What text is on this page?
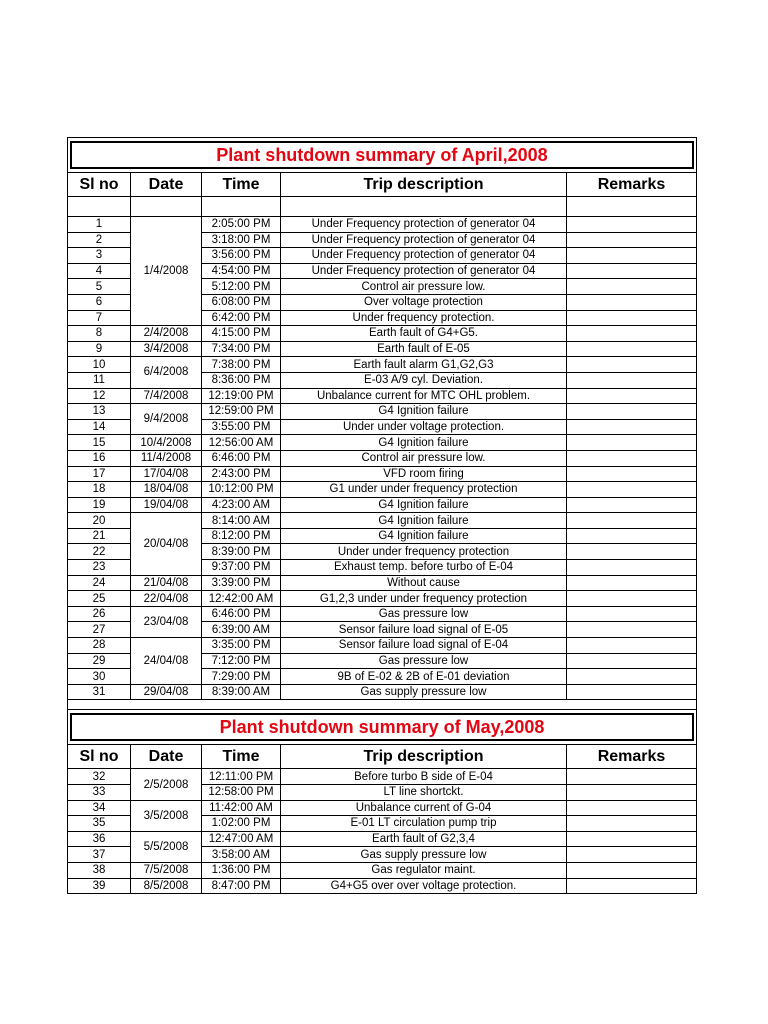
Plant shutdown summary of April,2008				

Sl no	Date	Time	Trip description	Remarks

1	1/4/2008	2:05:00 PM	Under Frequency protection of generator 04	
2		3:18:00 PM	Under Frequency protection of generator 04	
3		3:56:00 PM	Under Frequency protection of generator 04	
4		4:54:00 PM	Under Frequency protection of generator 04	
5		5:12:00 PM	Control air pressure low.	
6		6:08:00 PM	Over voltage protection	
7		6:42:00 PM	Under frequency protection.	
8	2/4/2008	4:15:00 PM	Earth fault of G4+G5.	
9	3/4/2008	7:34:00 PM	Earth fault of E-05	
10	6/4/2008	7:38:00 PM	Earth fault alarm G1,G2,G3	
11		8:36:00 PM	E-03 A/9 cyl. Deviation.	
12	7/4/2008	12:19:00 PM	Unbalance current for MTC OHL problem.	
13	9/4/2008	12:59:00 PM	G4 Ignition failure	
14		3:55:00 PM	Under under voltage protection.	
15	10/4/2008	12:56:00 AM	G4 Ignition failure	
16	11/4/2008	6:46:00 PM	Control air pressure low.	
17	17/04/08	2:43:00 PM	VFD room firing	
18	18/04/08	10:12:00 PM	G1 under under frequency protection	
19	19/04/08	4:23:00 AM	G4 Ignition failure	
20	20/04/08	8:14:00 AM	G4 Ignition failure	
21		8:12:00 PM	G4 Ignition failure	
22		8:39:00 PM	Under under frequency protection	
23		9:37:00 PM	Exhaust temp. before turbo of E-04	
24	21/04/08	3:39:00 PM	Without cause	
25	22/04/08	12:42:00 AM	G1,2,3 under under frequency protection	
26	23/04/08	6:46:00 PM	Gas pressure low	
27		6:39:00 AM	Sensor failure load signal of E-05	
28	24/04/08	3:35:00 PM	Sensor failure load signal of E-04	
29		7:12:00 PM	Gas pressure low	
30		7:29:00 PM	9B of E-02 & 2B of E-01 deviation	
31	29/04/08	8:39:00 AM	Gas supply pressure low	

Plant shutdown summary of May,2008				

Sl no	Date	Time	Trip description	Remarks
32	2/5/2008	12:11:00 PM	Before turbo B side of E-04	
33		12:58:00 PM	LT line shortckt.	
34	3/5/2008	11:42:00 AM	Unbalance current of G-04	
35		1:02:00 PM	E-01 LT circulation pump trip	
36	5/5/2008	12:47:00 AM	Earth fault of G2,3,4	
37		3:58:00 AM	Gas supply pressure low	
38	7/5/2008	1:36:00 PM	Gas regulator maint.	
39	8/5/2008	8:47:00 PM	G4+G5 over over voltage protection.	
